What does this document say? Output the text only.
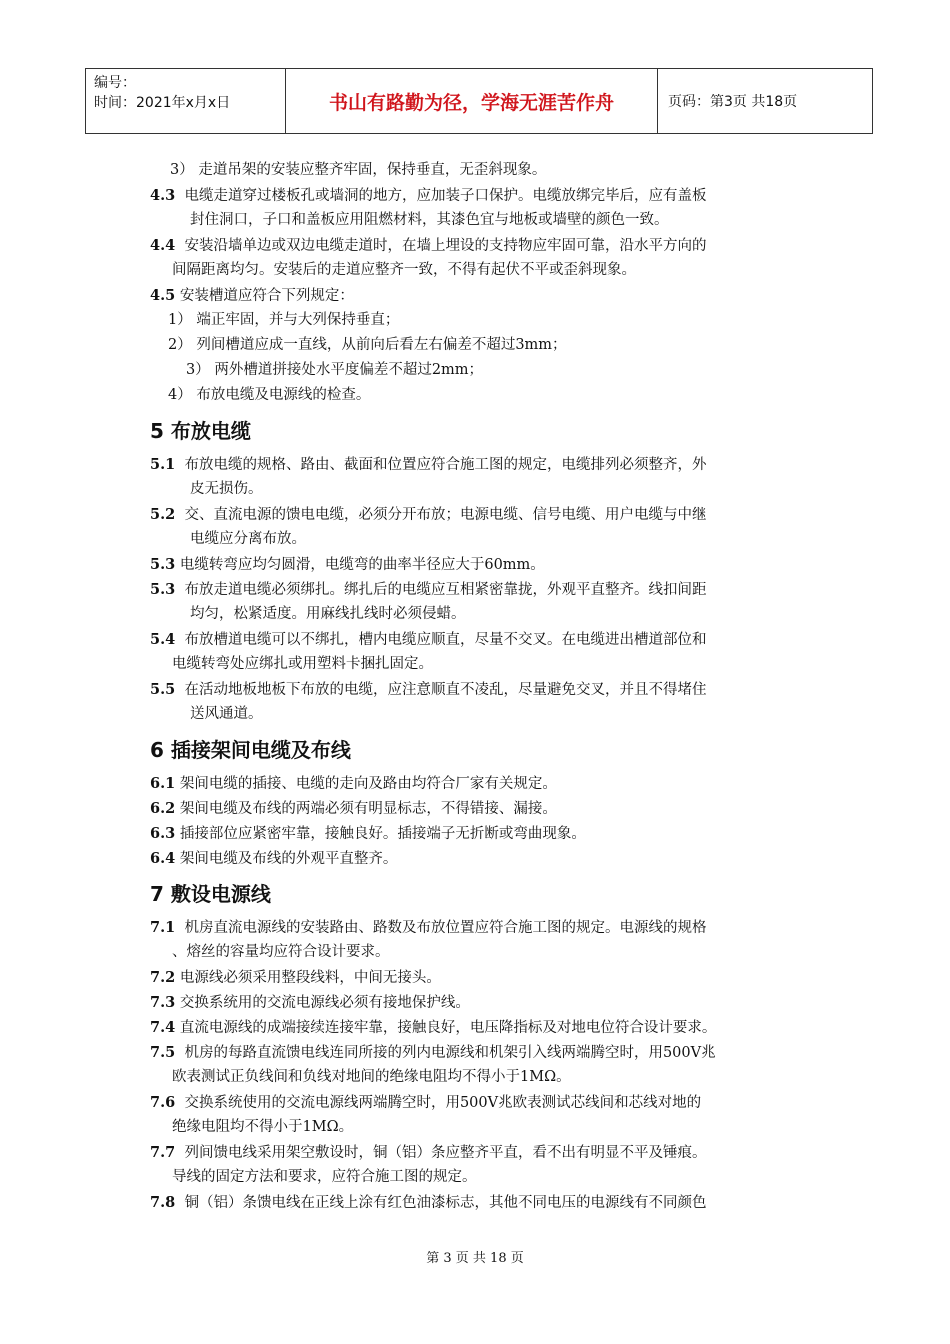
编号：
时间：2021年x月x日	书山有路勤为径，学海无涯苦作舟	页码：第3页 共18页
3） 走道吊架的安装应整齐牢固，保持垂直，无歪斜现象。
4.3  电缆走道穿过楼板孔或墙洞的地方，应加装子口保护。电缆放绑完毕后，应有盖板
封住洞口，子口和盖板应用阻燃材料，其漆色宜与地板或墙壁的颜色一致。
4.4  安装沿墙单边或双边电缆走道时，在墙上埋设的支持物应牢固可靠，沿水平方向的
间隔距离均匀。安装后的走道应整齐一致，不得有起伏不平或歪斜现象。
4.5 安装槽道应符合下列规定：
1） 端正牢固，并与大列保持垂直；
2） 列间槽道应成一直线，从前向后看左右偏差不超过3mm；
3） 两外槽道拼接处水平度偏差不超过2mm；
4） 布放电缆及电源线的检查。
5 布放电缆
5.1  布放电缆的规格、路由、截面和位置应符合施工图的规定，电缆排列必须整齐，外
皮无损伤。
5.2  交、直流电源的馈电电缆，必须分开布放；电源电缆、信号电缆、用户电缆与中继
电缆应分离布放。
5.3 电缆转弯应均匀圆滑，电缆弯的曲率半径应大于60mm。
5.3  布放走道电缆必须绑扎。绑扎后的电缆应互相紧密靠拢，外观平直整齐。线扣间距
均匀，松紧适度。用麻线扎线时必须侵蜡。
5.4  布放槽道电缆可以不绑扎，槽内电缆应顺直，尽量不交叉。在电缆进出槽道部位和
电缆转弯处应绑扎或用塑料卡捆扎固定。
5.5  在活动地板地板下布放的电缆，应注意顺直不凌乱，尽量避免交叉，并且不得堵住
送风通道。
6 插接架间电缆及布线
6.1 架间电缆的插接、电缆的走向及路由均符合厂家有关规定。
6.2 架间电缆及布线的两端必须有明显标志，不得错接、漏接。
6.3 插接部位应紧密牢靠，接触良好。插接端子无折断或弯曲现象。
6.4 架间电缆及布线的外观平直整齐。
7 敷设电源线
7.1  机房直流电源线的安装路由、路数及布放位置应符合施工图的规定。电源线的规格
、熔丝的容量均应符合设计要求。
7.2 电源线必须采用整段线料，中间无接头。
7.3 交换系统用的交流电源线必须有接地保护线。
7.4 直流电源线的成端接续连接牢靠，接触良好，电压降指标及对地电位符合设计要求。
7.5  机房的每路直流馈电线连同所接的列内电源线和机架引入线两端腾空时，用500V兆
欧表测试正负线间和负线对地间的绝缘电阻均不得小于1MΩ。
7.6  交换系统使用的交流电源线两端腾空时，用500V兆欧表测试芯线间和芯线对地的
绝缘电阻均不得小于1MΩ。
7.7  列间馈电线采用架空敷设时，铜（铝）条应整齐平直，看不出有明显不平及锤痕。
导线的固定方法和要求，应符合施工图的规定。
7.8  铜（铝）条馈电线在正线上涂有红色油漆标志，其他不同电压的电源线有不同颜色
第 3 页 共 18 页
